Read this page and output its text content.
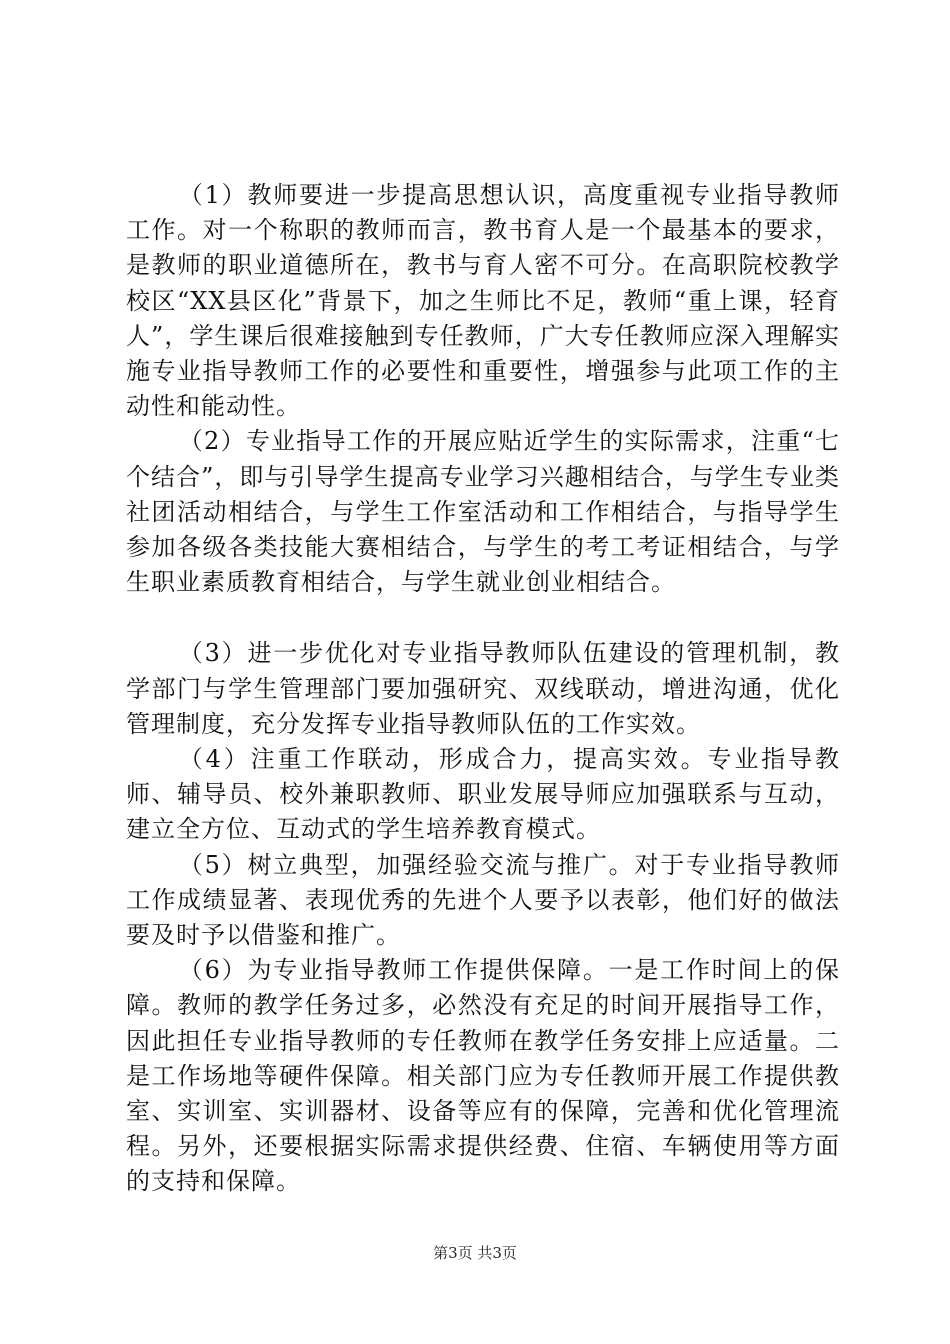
（1）教师要进一步提高思想认识，高度重视专业指导教师工作。对一个称职的教师而言，教书育人是一个最基本的要求，是教师的职业道德所在，教书与育人密不可分。在高职院校教学校区“XX县区化”背景下，加之生师比不足，教师“重上课，轻育人”，学生课后很难接触到专任教师，广大专任教师应深入理解实施专业指导教师工作的必要性和重要性，增强参与此项工作的主动性和能动性。

（2）专业指导工作的开展应贴近学生的实际需求，注重“七个结合”，即与引导学生提高专业学习兴趣相结合，与学生专业类社团活动相结合，与学生工作室活动和工作相结合，与指导学生参加各级各类技能大赛相结合，与学生的考工考证相结合，与学生职业素质教育相结合，与学生就业创业相结合。

（3）进一步优化对专业指导教师队伍建设的管理机制，教学部门与学生管理部门要加强研究、双线联动，增进沟通，优化管理制度，充分发挥专业指导教师队伍的工作实效。

（4）注重工作联动，形成合力，提高实效。专业指导教师、辅导员、校外兼职教师、职业发展导师应加强联系与互动，建立全方位、互动式的学生培养教育模式。

（5）树立典型，加强经验交流与推广。对于专业指导教师工作成绩显著、表现优秀的先进个人要予以表彰，他们好的做法要及时予以借鉴和推广。

（6）为专业指导教师工作提供保障。一是工作时间上的保障。教师的教学任务过多，必然没有充足的时间开展指导工作，因此担任专业指导教师的专任教师在教学任务安排上应适量。二是工作场地等硬件保障。相关部门应为专任教师开展工作提供教室、实训室、实训器材、设备等应有的保障，完善和优化管理流程。另外，还要根据实际需求提供经费、住宿、车辆使用等方面的支持和保障。

第3页 共3页
